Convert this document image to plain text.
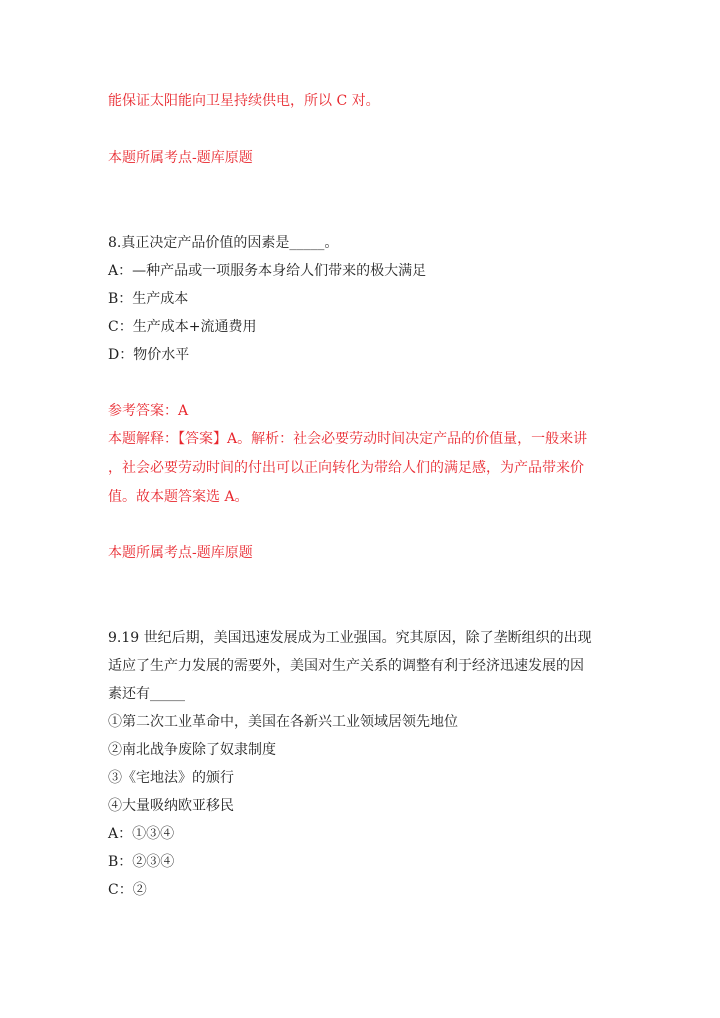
能保证太阳能向卫星持续供电，所以 C 对。
本题所属考点-题库原题
8.真正决定产品价值的因素是_____。
A：—种产品或一项服务本身给人们带来的极大满足
B：生产成本
C：生产成本+流通费用
D：物价水平
参考答案：A
本题解释：【答案】A。解析：社会必要劳动时间决定产品的价值量，一般来讲
，社会必要劳动时间的付出可以正向转化为带给人们的满足感，为产品带来价
值。故本题答案选 A。
本题所属考点-题库原题
9.19 世纪后期，美国迅速发展成为工业强国。究其原因，除了垄断组织的出现
适应了生产力发展的需要外，美国对生产关系的调整有利于经济迅速发展的因
素还有_____
①第二次工业革命中，美国在各新兴工业领域居领先地位
②南北战争废除了奴隶制度
③《宅地法》的颁行
④大量吸纳欧亚移民
A：①③④
B：②③④
C：②
